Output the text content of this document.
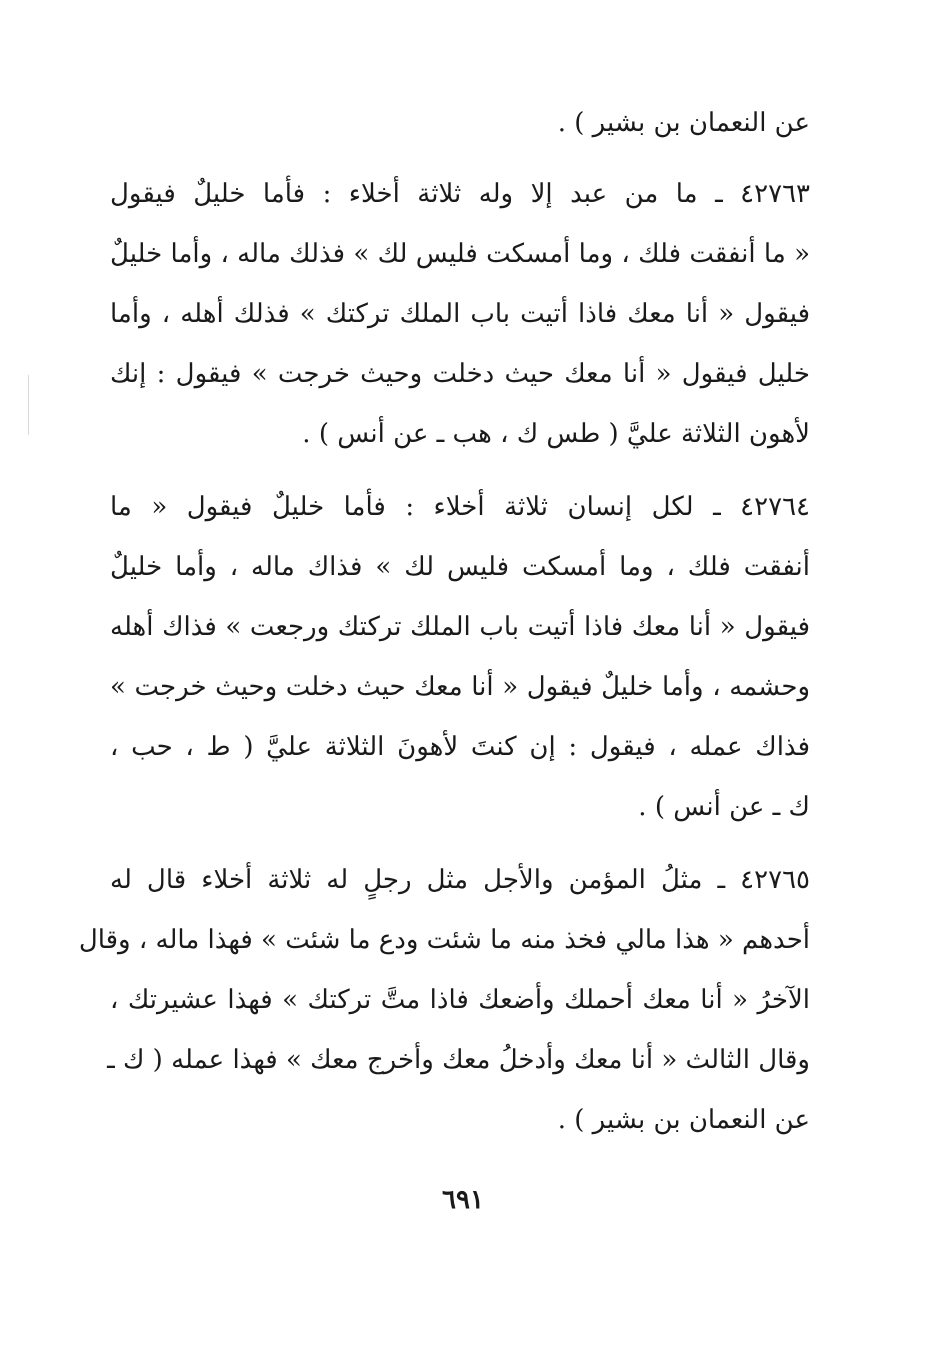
عن النعمان بن بشير ) .
٤٢٧٦٣ ـ ما من عبد إلا وله ثلاثة أخلاء : فأما خليلٌ فيقول
« ما أنفقت فلك ، وما أمسكت فليس لك » فذلك ماله ، وأما خليلٌ
فيقول « أنا معك فاذا أتيت باب الملك تركتك » فذلك أهله ، وأما
خليل فيقول « أنا معك حيث دخلت وحيث خرجت » فيقول : إنك
لأهون الثلاثة عليَّ ( طس ك ، هب ـ عن أنس ) .
٤٢٧٦٤ ـ لكل إنسان ثلاثة أخلاء : فأما خليلٌ فيقول « ما
أنفقت فلك ، وما أمسكت فليس لك » فذاك ماله ، وأما خليلٌ
فيقول « أنا معك فاذا أتيت باب الملك تركتك ورجعت » فذاك أهله
وحشمه ، وأما خليلٌ فيقول « أنا معك حيث دخلت وحيث خرجت »
فذاك عمله ، فيقول : إن كنتَ لأهونَ الثلاثة عليَّ ( ط ، حب ،
ك ـ عن أنس ) .
٤٢٧٦٥ ـ مثلُ المؤمن والأجل مثل رجلٍ له ثلاثة أخلاء قال له
أحدهم « هذا مالي فخذ منه ما شئت ودع ما شئت » فهذا ماله ، وقال
الآخرُ « أنا معك أحملك وأضعك فاذا متَّ تركتك » فهذا عشيرتك ،
وقال الثالث « أنا معك وأدخلُ معك وأخرج معك » فهذا عمله ( ك ـ
عن النعمان بن بشير ) .
٦٩١
